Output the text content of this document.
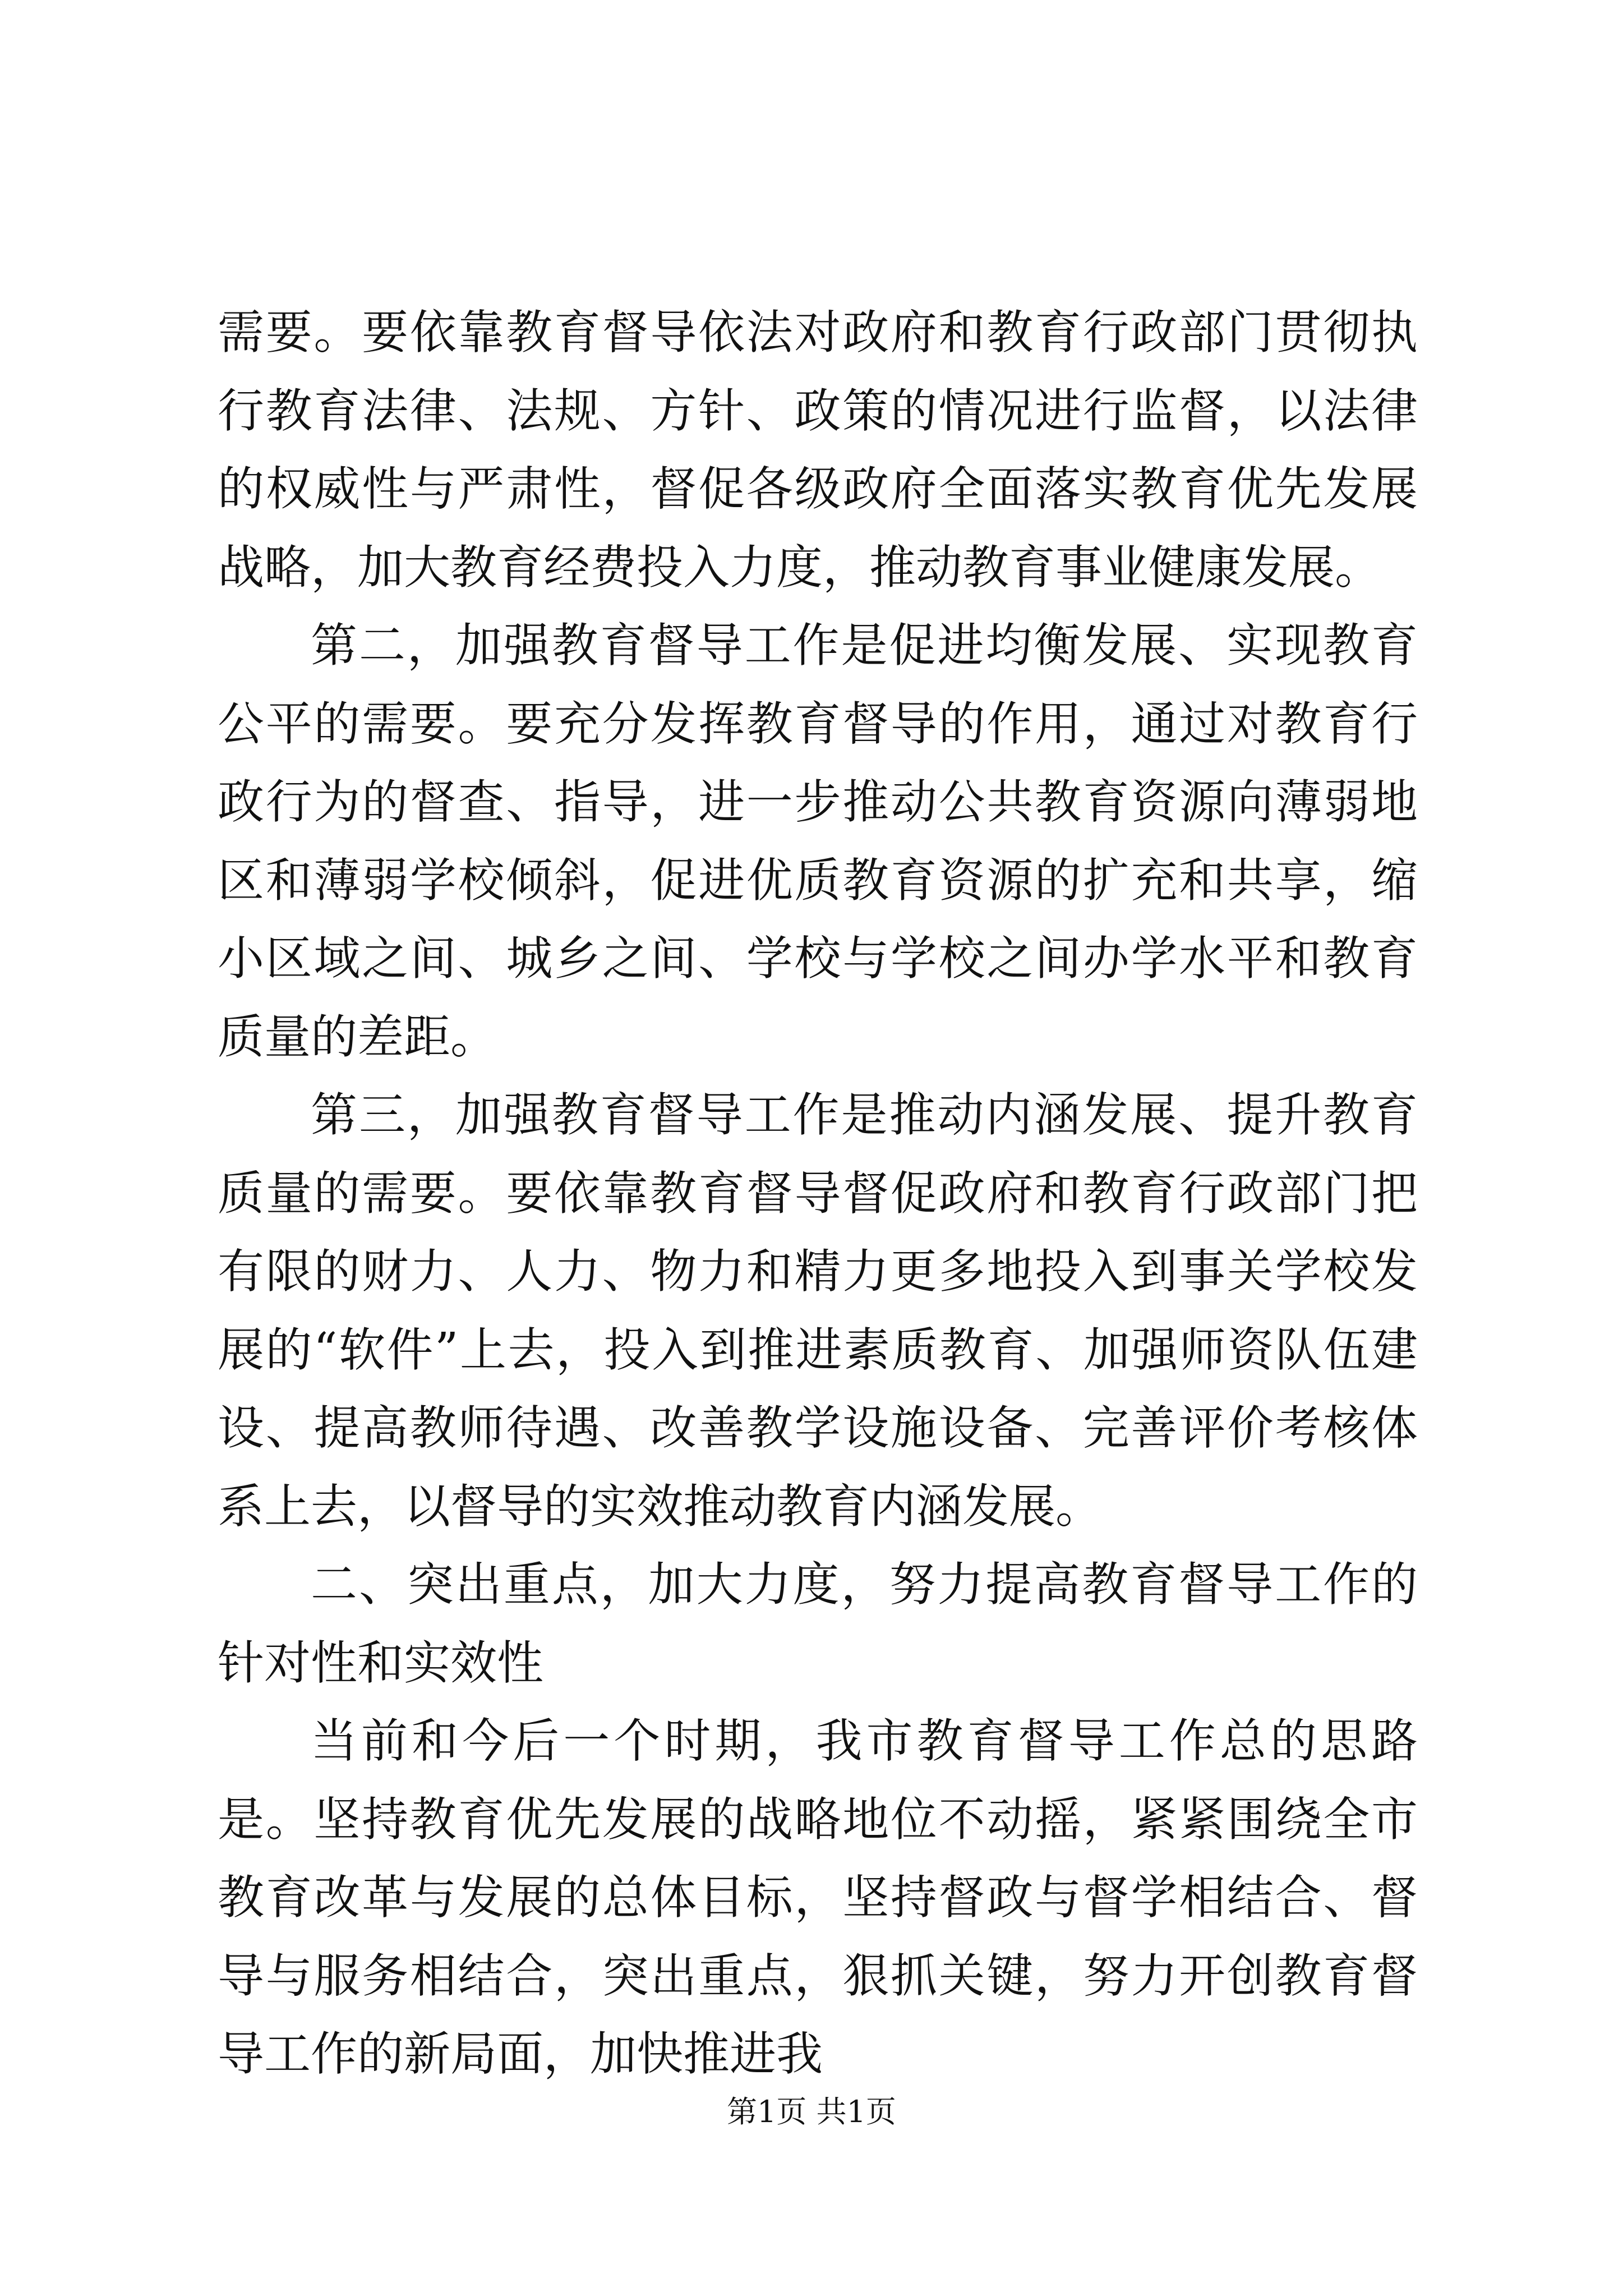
需要。要依靠教育督导依法对政府和教育行政部门贯彻执行教育法律、法规、方针、政策的情况进行监督，以法律的权威性与严肃性，督促各级政府全面落实教育优先发展战略，加大教育经费投入力度，推动教育事业健康发展。

第二，加强教育督导工作是促进均衡发展、实现教育公平的需要。要充分发挥教育督导的作用，通过对教育行政行为的督查、指导，进一步推动公共教育资源向薄弱地区和薄弱学校倾斜，促进优质教育资源的扩充和共享，缩小区域之间、城乡之间、学校与学校之间办学水平和教育质量的差距。

第三，加强教育督导工作是推动内涵发展、提升教育质量的需要。要依靠教育督导督促政府和教育行政部门把有限的财力、人力、物力和精力更多地投入到事关学校发展的“软件”上去，投入到推进素质教育、加强师资队伍建设、提高教师待遇、改善教学设施设备、完善评价考核体系上去，以督导的实效推动教育内涵发展。

二、突出重点，加大力度，努力提高教育督导工作的针对性和实效性

当前和今后一个时期，我市教育督导工作总的思路是。坚持教育优先发展的战略地位不动摇，紧紧围绕全市教育改革与发展的总体目标，坚持督政与督学相结合、督导与服务相结合，突出重点，狠抓关键，努力开创教育督导工作的新局面，加快推进我

第1页 共1页
